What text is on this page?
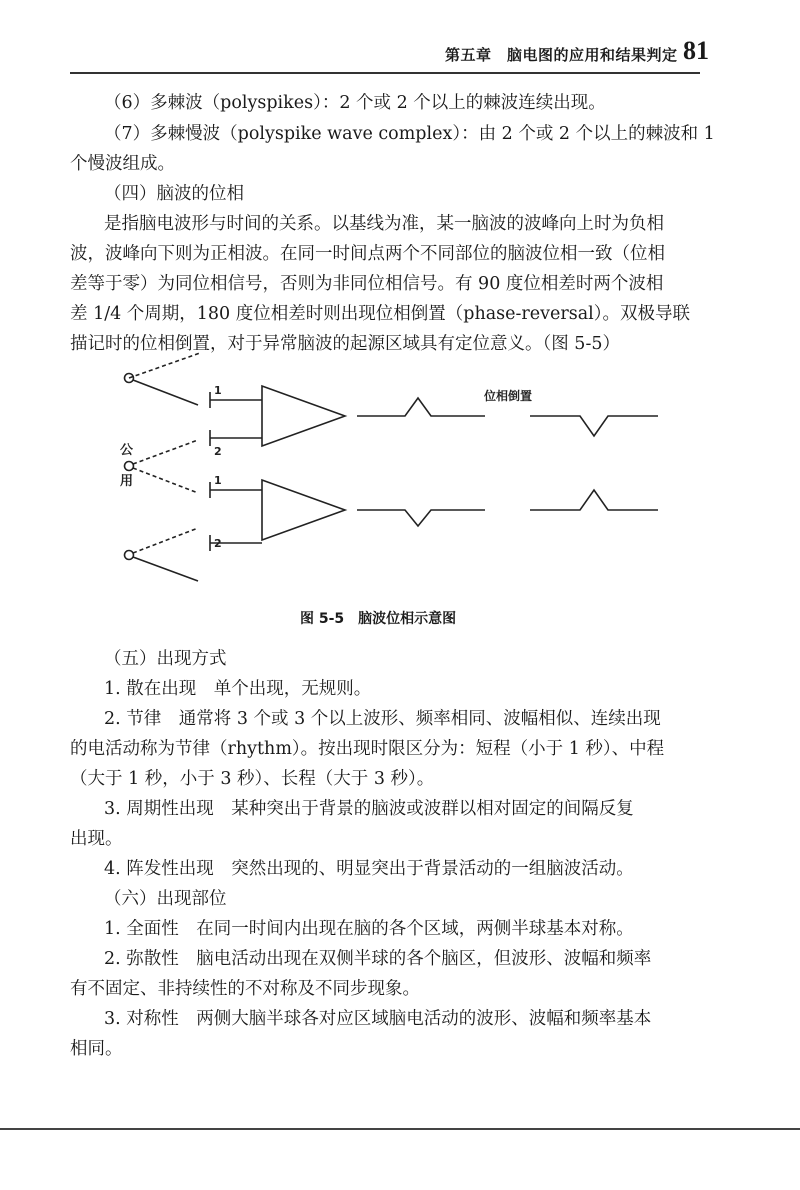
第五章　脑电图的应用和结果判定 81
（6）多棘波（polyspikes）：2 个或 2 个以上的棘波连续出现。
（7）多棘慢波（polyspike wave complex）：由 2 个或 2 个以上的棘波和 1
个慢波组成。
（四）脑波的位相
是指脑电波形与时间的关系。以基线为准，某一脑波的波峰向上时为负相
波，波峰向下则为正相波。在同一时间点两个不同部位的脑波位相一致（位相
差等于零）为同位相信号，否则为非同位相信号。有 90 度位相差时两个波相
差 1/4 个周期，180 度位相差时则出现位相倒置（phase-reversal）。双极导联
描记时的位相倒置，对于异常脑波的起源区域具有定位意义。（图 5-5）
1
2
1
2
公
用
位相倒置
图 5-5　脑波位相示意图
（五）出现方式
1. 散在出现　单个出现，无规则。
2. 节律　通常将 3 个或 3 个以上波形、频率相同、波幅相似、连续出现
的电活动称为节律（rhythm）。按出现时限区分为：短程（小于 1 秒）、中程
（大于 1 秒，小于 3 秒）、长程（大于 3 秒）。
3. 周期性出现　某种突出于背景的脑波或波群以相对固定的间隔反复
出现。
4. 阵发性出现　突然出现的、明显突出于背景活动的一组脑波活动。
（六）出现部位
1. 全面性　在同一时间内出现在脑的各个区域，两侧半球基本对称。
2. 弥散性　脑电活动出现在双侧半球的各个脑区，但波形、波幅和频率
有不固定、非持续性的不对称及不同步现象。
3. 对称性　两侧大脑半球各对应区域脑电活动的波形、波幅和频率基本
相同。
